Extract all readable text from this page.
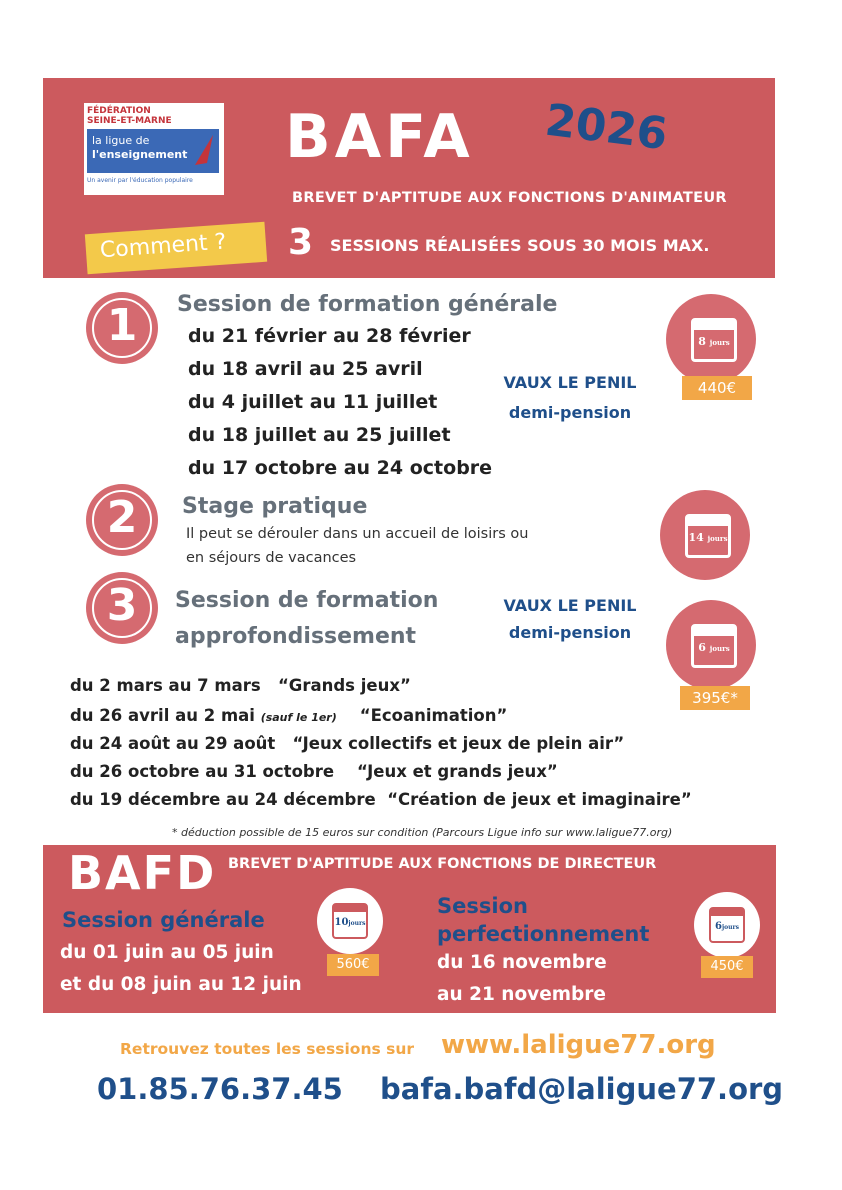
FÉDÉRATION
SEINE-ET-MARNE
la ligue de
l'enseignement
Un avenir par l'éducation populaire
BAFA 2026
BREVET D'APTITUDE AUX FONCTIONS D'ANIMATEUR
Comment ? 3 SESSIONS RÉALISÉES SOUS 30 MOIS MAX.
1	Session de formation générale
du 21 février au 28 février
du 18 avril au 25 avril
du 4 juillet au 11 juillet
du 18 juillet au 25 juillet
du 17 octobre au 24 octobre
VAUX LE PENIL
demi-pension
8 jours
440€
2	Stage pratique
Il peut se dérouler dans un accueil de loisirs ou
en séjours de vacances
14 jours
3	Session de formation
approfondissement
VAUX LE PENIL
demi-pension
6 jours
395€*
du 2 mars au 7 mars “Grands jeux”
du 26 avril au 2 mai (sauf le 1er) “Ecoanimation”
du 24 août au 29 août “Jeux collectifs et jeux de plein air”
du 26 octobre au 31 octobre “Jeux et grands jeux”
du 19 décembre au 24 décembre “Création de jeux et imaginaire”
* déduction possible de 15 euros sur condition (Parcours Ligue info sur www.laligue77.org)
BAFD BREVET D'APTITUDE AUX FONCTIONS DE DIRECTEUR
Session générale
du 01 juin au 05 juin
et du 08 juin au 12 juin
10jours
560€
Session
perfectionnement
du 16 novembre
au 21 novembre
6jours
450€
Retrouvez toutes les sessions sur www.laligue77.org
01.85.76.37.45 bafa.bafd@laligue77.org
